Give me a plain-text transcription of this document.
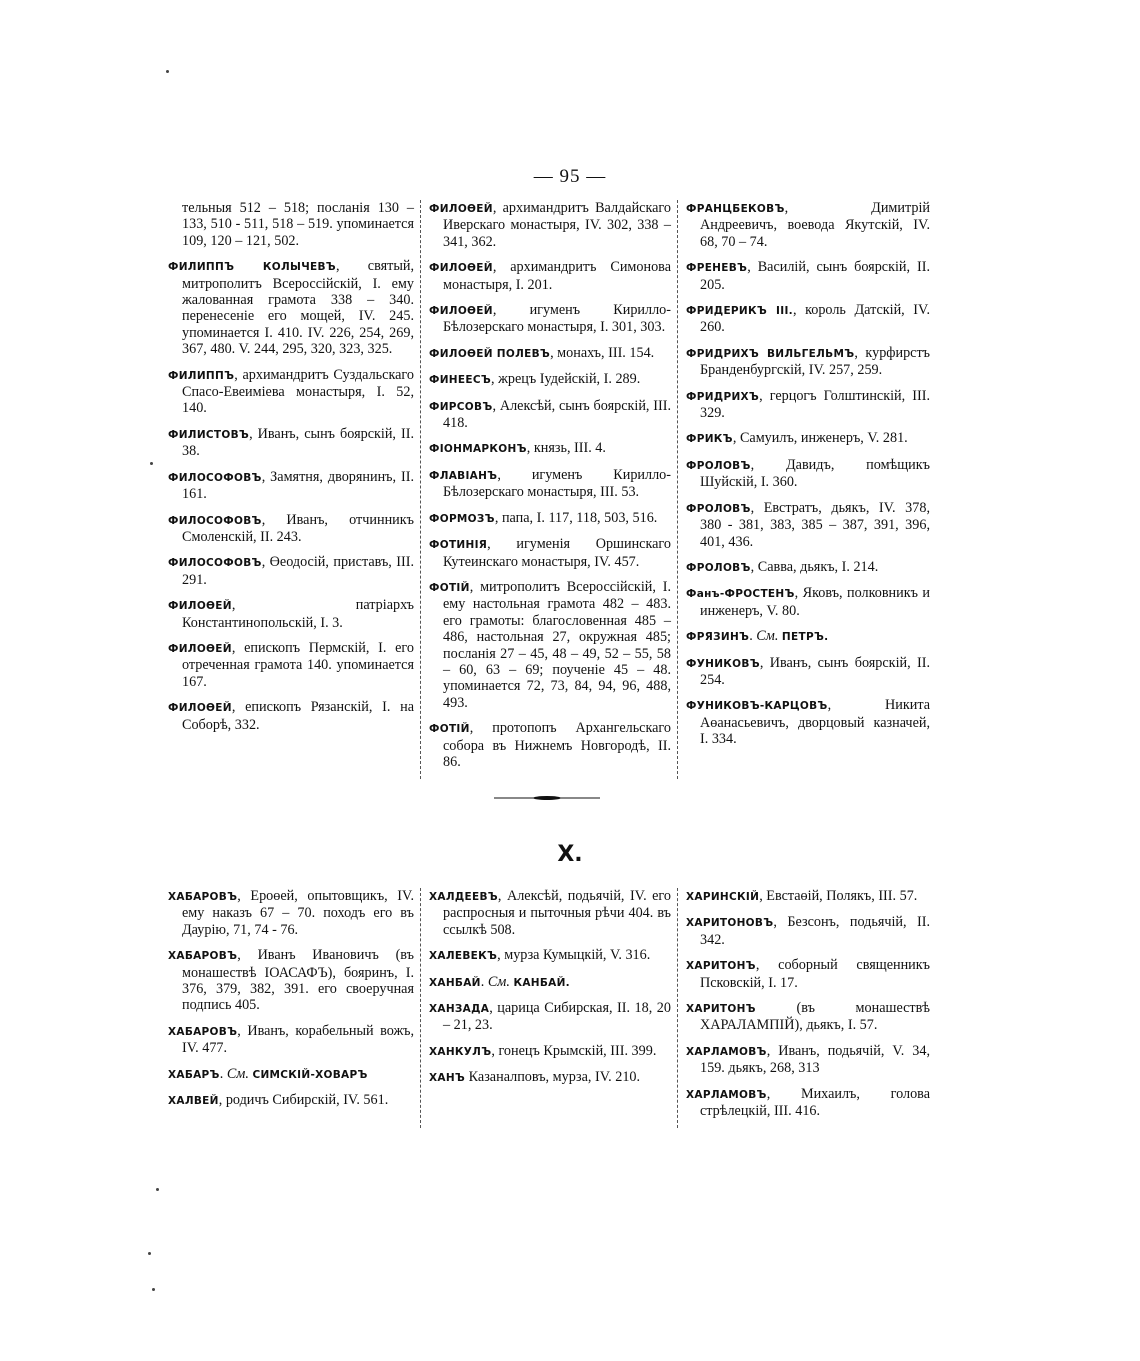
— 95 —

тельныя 512 – 518; посланія 130 – 133, 510 - 511, 518 – 519. упоминается 109, 120 – 121, 502.

ФИЛИППЪ КОЛЫЧЕВЪ, святый, митрополитъ Всероссійскій, I. ему жалованная грамота 338 – 340. перенесеніе его мощей, IV. 245. упоминается I. 410. IV. 226, 254, 269, 367, 480. V. 244, 295, 320, 323, 325.

ФИЛИППЪ, архимандритъ Суздальскаго Спасо-Евеиміева монастыря, I. 52, 140.

ФИЛИСТОВЪ, Иванъ, сынъ боярскій, II. 38.

ФИЛОСОФОВЪ, Замятня, дворянинъ, II. 161.

ФИЛОСОФОВЪ, Иванъ, отчинникъ Смоленскій, II. 243.

ФИЛОСОФОВЪ, Өеодосій, приставъ, III. 291.

ФИЛОӨЕЙ, патріархъ Константинопольскій, I. 3.

ФИЛОӨЕЙ, епископъ Пермскій, I. его отреченная грамота 140. упоминается 167.

ФИЛОӨЕЙ, епископъ Рязанскій, I. на Соборѣ, 332.

ФИЛОӨЕЙ, архимандритъ Валдайскаго Иверскаго монастыря, IV. 302, 338 – 341, 362.

ФИЛОӨЕЙ, архимандритъ Симонова монастыря, I. 201.

ФИЛОӨЕЙ, игуменъ Кирилло-Бѣлозерскаго монастыря, I. 301, 303.

ФИЛОӨЕЙ ПОЛЕВЪ, монахъ, III. 154.

ФИНЕЕСЪ, жрецъ Іудейскій, I. 289.

ФИРСОВЪ, Алексѣй, сынъ боярскій, III. 418.

ФІОНМАРКОНЪ, князь, III. 4.

ФЛАВІАНЪ, игуменъ Кирилло-Бѣлозерскаго монастыря, III. 53.

ФОРМОЗЪ, папа, I. 117, 118, 503, 516.

ФОТИНІЯ, игуменія Оршинскаго Кутеинскаго монастыря, IV. 457.

ФОТІЙ, митрополитъ Всероссійскій, I. ему настольная грамота 482 – 483. его грамоты: благословенная 485 – 486, настольная 27, окружная 485; посланія 27 – 45, 48 – 49, 52 – 55, 58 – 60, 63 – 69; поученіе 45 – 48. упоминается 72, 73, 84, 94, 96, 488, 493.

ФОТІЙ, протопопъ Архангельскаго собора въ Нижнемъ Новгородѣ, II. 86.

ФРАНЦБЕКОВЪ, Димитрій Андреевичъ, воевода Якутскій, IV. 68, 70 – 74.

ФРЕНЕВЪ, Василій, сынъ боярскій, II. 205.

ФРИДЕРИКЪ III., король Датскій, IV. 260.

ФРИДРИХЪ ВИЛЬГЕЛЬМЪ, курфирстъ Бранденбургскій, IV. 257, 259.

ФРИДРИХЪ, герцогъ Голштинскій, III. 329.

ФРИКЪ, Самуилъ, инженеръ, V. 281.

ФРОЛОВЪ, Давидъ, помѣщикъ Шуйскій, I. 360.

ФРОЛОВЪ, Евстратъ, дьякъ, IV. 378, 380 - 381, 383, 385 – 387, 391, 396, 401, 436.

ФРОЛОВЪ, Савва, дьякъ, I. 214.

Фанъ-ФРОСТЕНЪ, Яковъ, полковникъ и инженеръ, V. 80.

ФРЯЗИНЪ. См. ПЕТРЪ.

ФУНИКОВЪ, Иванъ, сынъ боярскій, II. 254.

ФУНИКОВЪ-КАРЦОВЪ, Никита Аөанасьевичъ, дворцовый казначей, I. 334.

Х.

ХАБАРОВЪ, Ероөей, опытовщикъ, IV. ему наказъ 67 – 70. походъ его въ Даурію, 71, 74 - 76.

ХАБАРОВЪ, Иванъ Ивановичъ (въ монашествѣ ІОАСАФЪ), бояринъ, I. 376, 379, 382, 391. его своеручная подпись 405.

ХАБАРОВЪ, Иванъ, корабельный вожъ, IV. 477.

ХАБАРЪ. См. СИМСКІЙ-ХОВАРЪ

ХАЛВЕЙ, родичъ Сибирскій, IV. 561.

ХАЛДЕЕВЪ, Алексѣй, подьячій, IV. его распросныя и пыточныя рѣчи 404. въ ссылкѣ 508.

ХАЛЕВЕКЪ, мурза Кумыцкій, V. 316.

ХАНБАЙ. См. КАНБАЙ.

ХАНЗАДА, царица Сибирская, II. 18, 20 – 21, 23.

ХАНКУЛЪ, гонецъ Крымскій, III. 399.

ХАНЪ Казаналповъ, мурза, IV. 210.

ХАРИНСКІЙ, Евстаөій, Полякъ, III. 57.

ХАРИТОНОВЪ, Безсонъ, подьячій, II. 342.

ХАРИТОНЪ, соборный священникъ Псковскій, I. 17.

ХАРИТОНЪ (въ монашествѣ ХАРАЛАМПІЙ), дьякъ, I. 57.

ХАРЛАМОВЪ, Иванъ, подьячій, V. 34, 159. дьякъ, 268, 313

ХАРЛАМОВЪ, Михаилъ, голова стрѣлецкій, III. 416.
